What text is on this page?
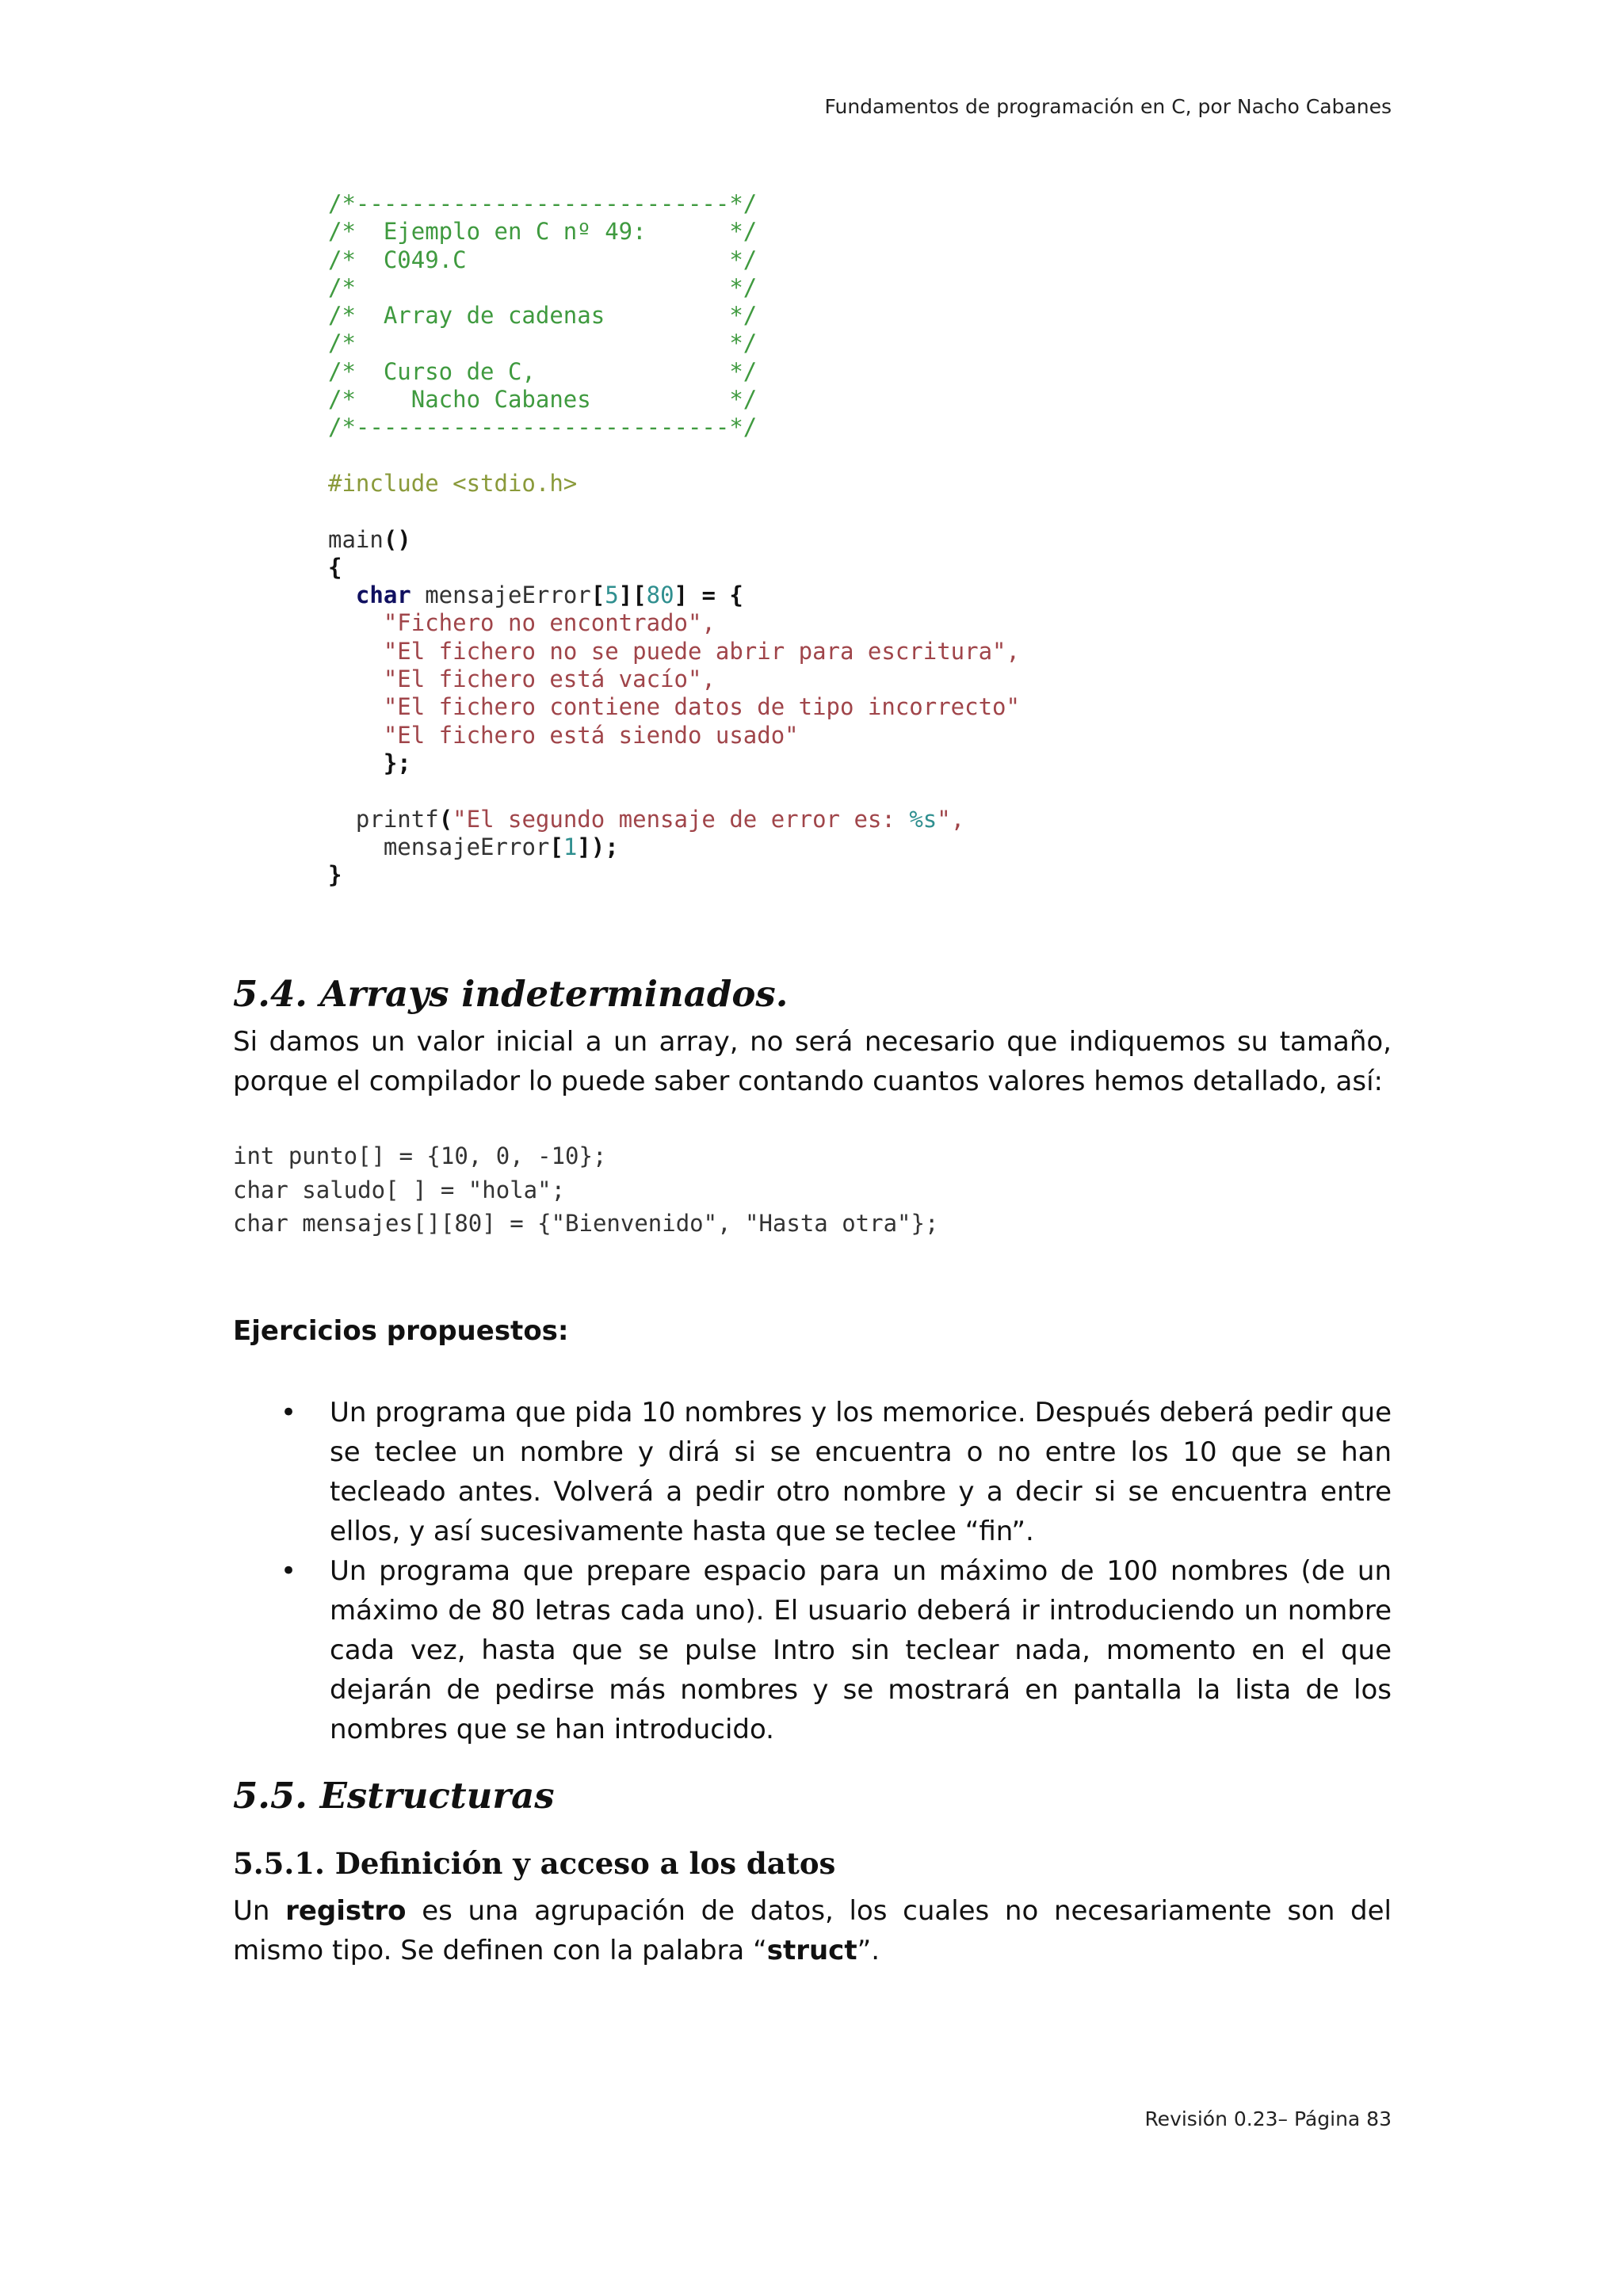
Fundamentos de programación en C, por Nacho Cabanes
/*---------------------------*/
/*  Ejemplo en C nº 49:      */
/*  C049.C                   */
/*                           */
/*  Array de cadenas         */
/*                           */
/*  Curso de C,              */
/*    Nacho Cabanes          */
/*---------------------------*/
#include <stdio.h>
main()
{
char mensajeError[5][80] = {
"Fichero no encontrado",
"El fichero no se puede abrir para escritura",
"El fichero está vacío",
"El fichero contiene datos de tipo incorrecto"
"El fichero está siendo usado"
};
printf("El segundo mensaje de error es: %s",
mensajeError[1]);
}
5.4. Arrays indeterminados.

Si damos un valor inicial a un array, no será necesario que indiquemos su tamaño, porque el compilador lo puede saber contando cuantos valores hemos detallado, así:

int punto[] = {10, 0, -10};
char saludo[ ] = "hola";
char mensajes[][80] = {"Bienvenido", "Hasta otra"};

Ejercicios propuestos:

• Un programa que pida 10 nombres y los memorice. Después deberá pedir que se teclee un nombre y dirá si se encuentra o no entre los 10 que se han tecleado antes. Volverá a pedir otro nombre y a decir si se encuentra entre ellos, y así sucesivamente hasta que se teclee “fin”.
• Un programa que prepare espacio para un máximo de 100 nombres (de un máximo de 80 letras cada uno). El usuario deberá ir introduciendo un nombre cada vez, hasta que se pulse Intro sin teclear nada, momento en el que dejarán de pedirse más nombres y se mostrará en pantalla la lista de los nombres que se han introducido.
5.5. Estructuras
5.5.1. Definición y acceso a los datos

Un registro es una agrupación de datos, los cuales no necesariamente son del mismo tipo. Se definen con la palabra “struct”.

Revisión 0.23– Página 83
